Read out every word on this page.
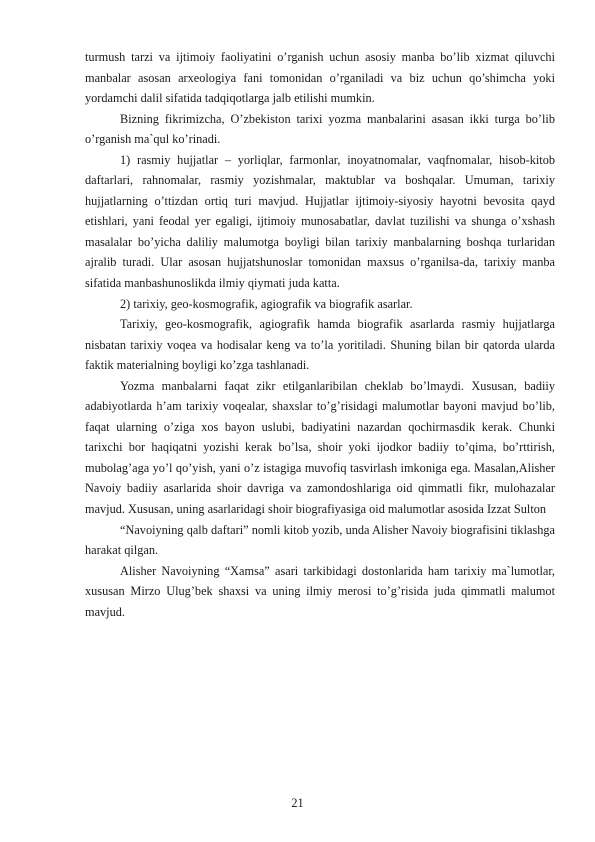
turmush tarzi va ijtimoiy faoliyatini o’rganish uchun asosiy manba bo’lib xizmat qiluvchi manbalar asosan arxeologiya fani tomonidan o’rganiladi va biz uchun qo’shimcha yoki yordamchi dalil sifatida tadqiqotlarga jalb etilishi mumkin.

Bizning fikrimizcha, O’zbekiston tarixi yozma manbalarini asasan ikki turga bo’lib o’rganish ma`qul ko’rinadi.

1) rasmiy hujjatlar – yorliqlar, farmonlar, inoyatnomalar, vaqfnomalar, hisob-kitob daftarlari, rahnomalar, rasmiy yozishmalar, maktublar va boshqalar. Umuman, tarixiy hujjatlarning o’ttizdan ortiq turi mavjud. Hujjatlar ijtimoiy-siyosiy hayotni bevosita qayd etishlari, yani feodal yer egaligi, ijtimoiy munosabatlar, davlat tuzilishi va shunga o’xshash masalalar bo’yicha daliliy malumotga boyligi bilan tarixiy manbalarning boshqa turlaridan ajralib turadi. Ular asosan hujjatshunoslar tomonidan maxsus o’rganilsa-da, tarixiy manba sifatida manbashunoslikda ilmiy qiymati juda katta.

2) tarixiy, geo-kosmografik, agiografik va biografik asarlar.

Tarixiy, geo-kosmografik, agiografik hamda biografik asarlarda rasmiy hujjatlarga nisbatan tarixiy voqea va hodisalar keng va to’la yoritiladi. Shuning bilan bir qatorda ularda faktik materialning boyligi ko’zga tashlanadi.

Yozma manbalarni faqat zikr etilganlaribilan cheklab bo’lmaydi. Xususan, badiiy adabiyotlarda h’am tarixiy voqealar, shaxslar to’g’risidagi malumotlar bayoni mavjud bo’lib, faqat ularning o’ziga xos bayon uslubi, badiyatini nazardan qochirmasdik kerak. Chunki tarixchi bor haqiqatni yozishi kerak bo’lsa, shoir yoki ijodkor badiiy to’qima, bo’rttirish, mubolag’aga yo’l qo’yish, yani o’z istagiga muvofiq tasvirlash imkoniga ega. Masalan,Alisher Navoiy badiiy asarlarida shoir davriga va zamondoshlariga oid qimmatli fikr, mulohazalar mavjud. Xususan, uning asarlaridagi shoir biografiyasiga oid malumotlar asosida Izzat Sulton

“Navoiyning qalb daftari” nomli kitob yozib, unda Alisher Navoiy biografisini tiklashga harakat qilgan.

Alisher Navoiyning “Xamsa” asari tarkibidagi dostonlarida ham tarixiy ma`lumotlar, xususan Mirzo Ulug’bek shaxsi va uning ilmiy merosi to’g’risida juda qimmatli malumot mavjud.

21
